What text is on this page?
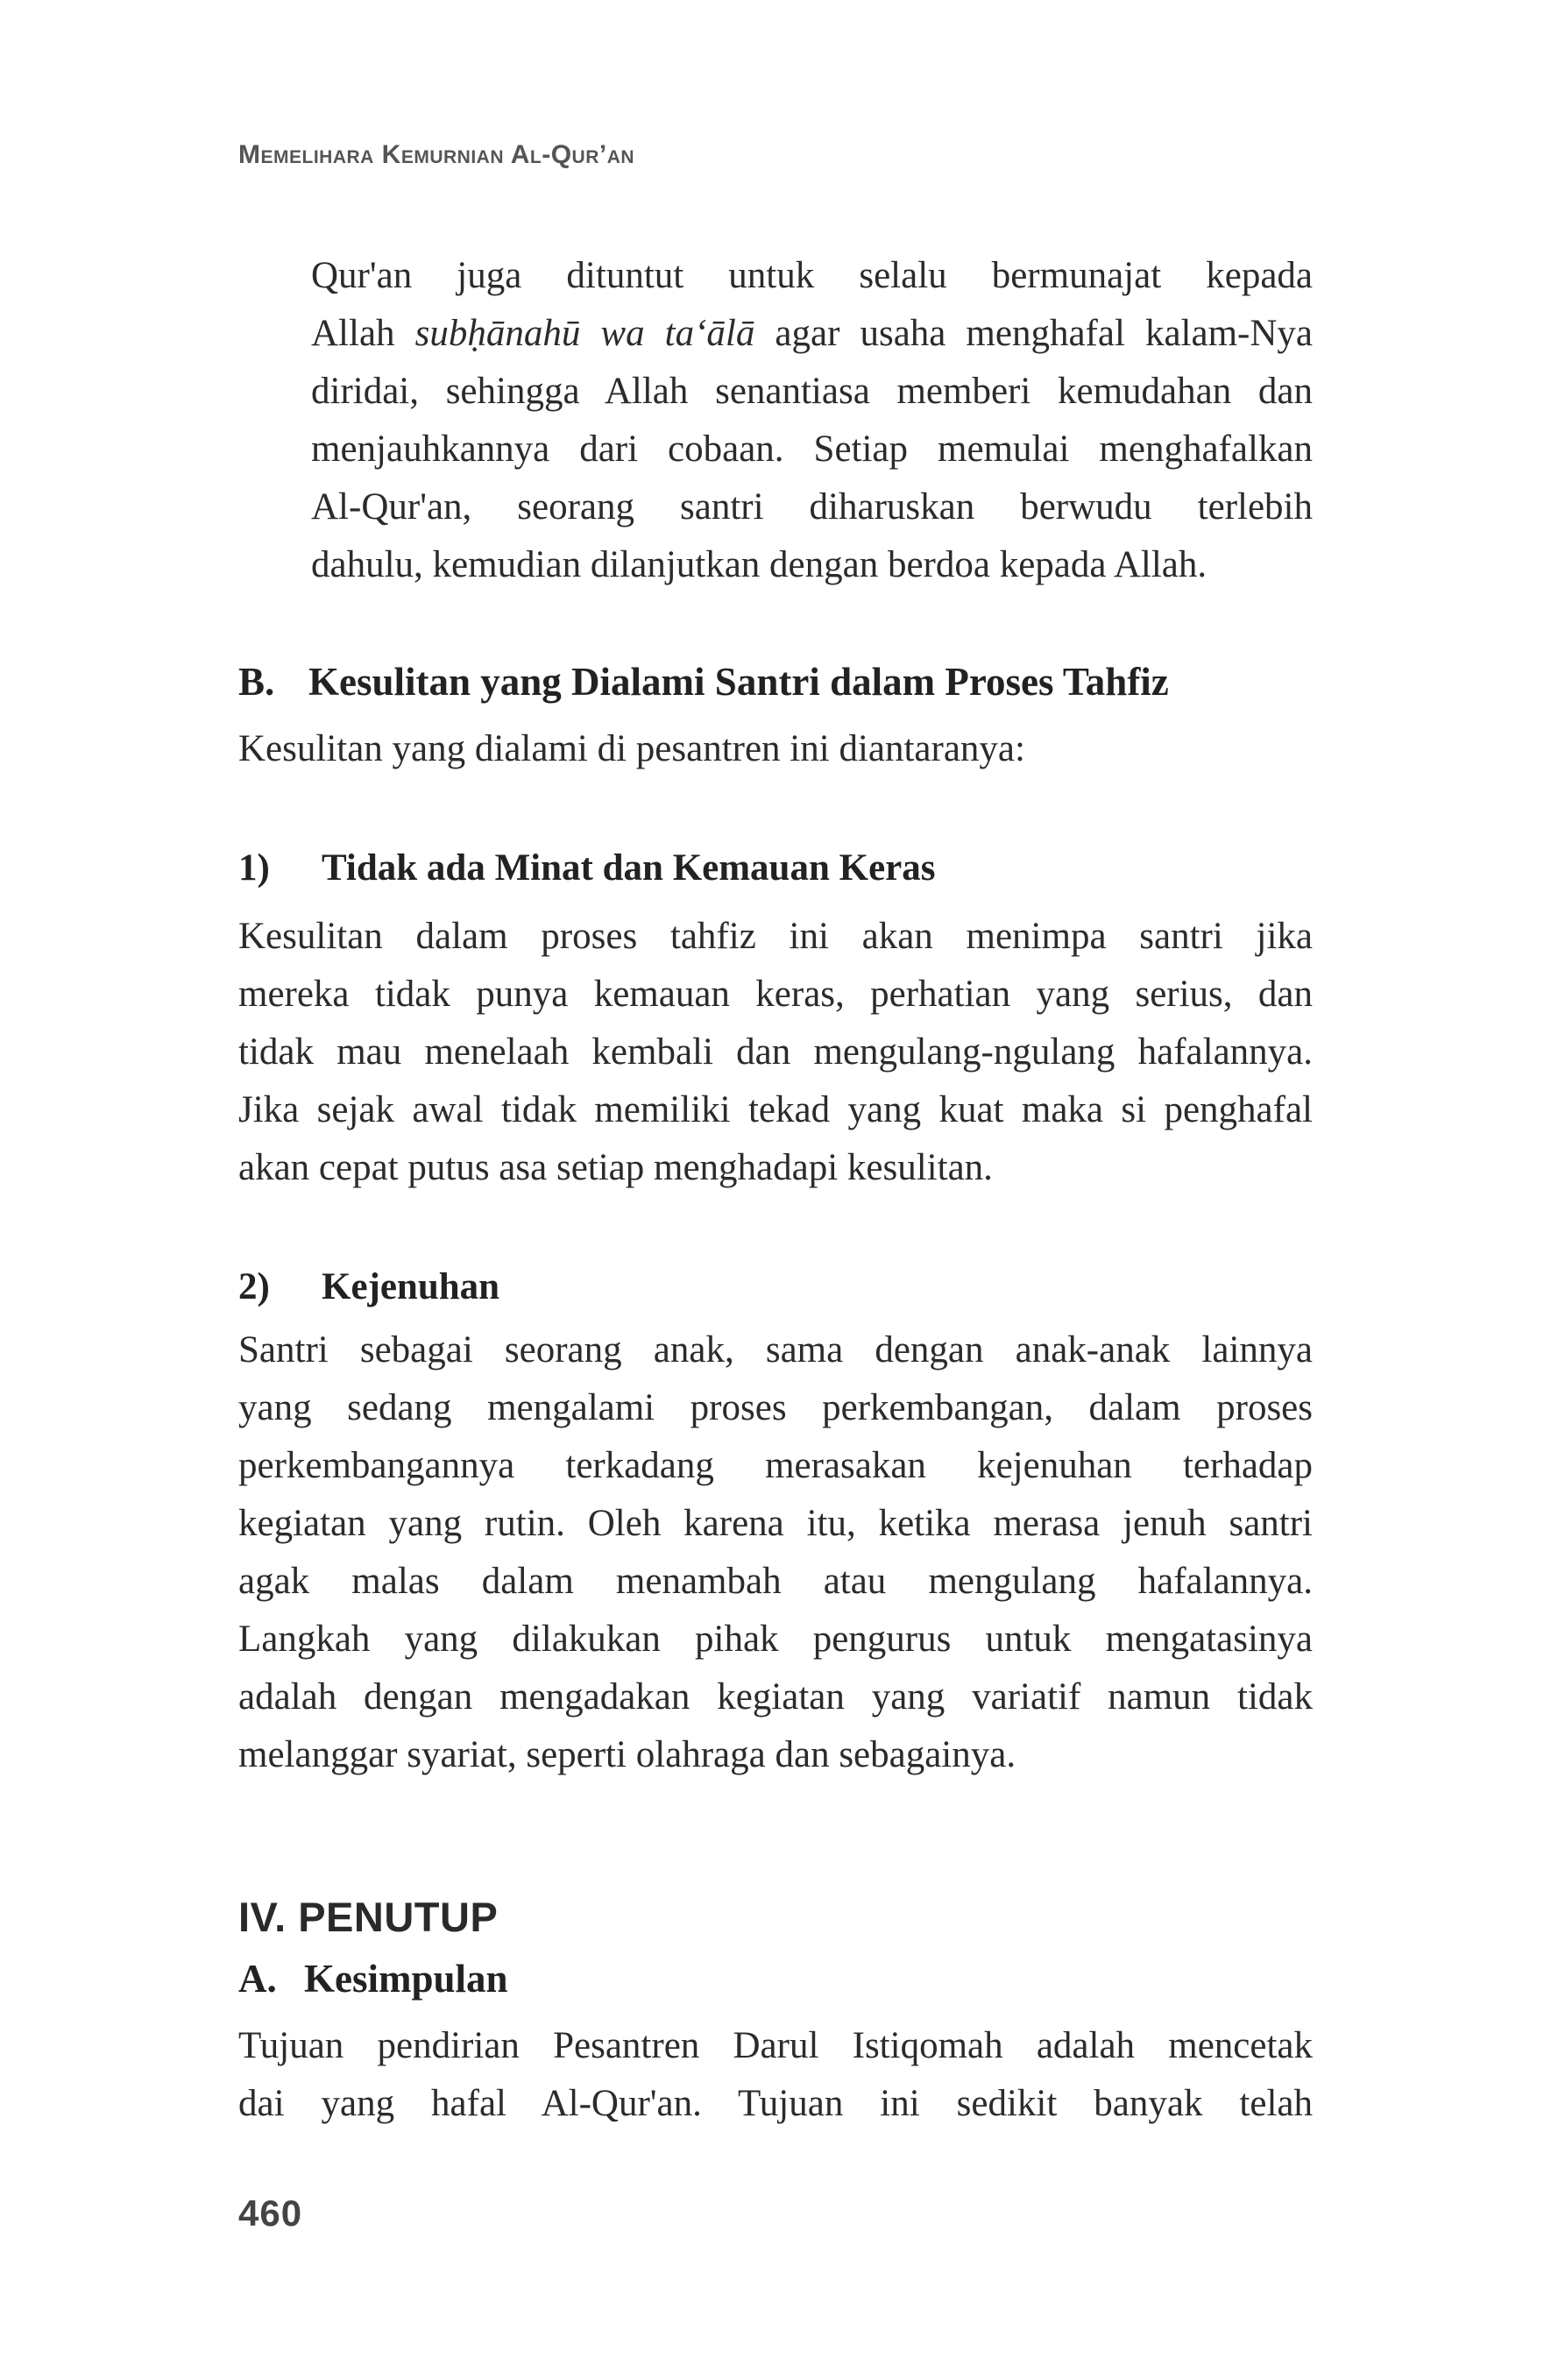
Memelihara Kemurnian Al-Qur’an
Qur'an juga dituntut untuk selalu bermunajat kepada
Allah subḥānahū wa ta‘ālā agar usaha menghafal kalam-Nya
diridai, sehingga Allah senantiasa memberi kemudahan dan
menjauhkannya dari cobaan. Setiap memulai menghafalkan
Al-Qur'an, seorang santri diharuskan berwudu terlebih
dahulu, kemudian dilanjutkan dengan berdoa kepada Allah.
B. Kesulitan yang Dialami Santri dalam Proses Tahfiz
Kesulitan yang dialami di pesantren ini diantaranya:
1) Tidak ada Minat dan Kemauan Keras
Kesulitan dalam proses tahfiz ini akan menimpa santri jika
mereka tidak punya kemauan keras, perhatian yang serius, dan
tidak mau menelaah kembali dan mengulang-ngulang hafalannya.
Jika sejak awal tidak memiliki tekad yang kuat maka si penghafal
akan cepat putus asa setiap menghadapi kesulitan.
2) Kejenuhan
Santri sebagai seorang anak, sama dengan anak-anak lainnya
yang sedang mengalami proses perkembangan, dalam proses
perkembangannya terkadang merasakan kejenuhan terhadap
kegiatan yang rutin. Oleh karena itu, ketika merasa jenuh santri
agak malas dalam menambah atau mengulang hafalannya.
Langkah yang dilakukan pihak pengurus untuk mengatasinya
adalah dengan mengadakan kegiatan yang variatif namun tidak
melanggar syariat, seperti olahraga dan sebagainya.
IV. PENUTUP
A. Kesimpulan
Tujuan pendirian Pesantren Darul Istiqomah adalah mencetak
dai yang hafal Al-Qur'an. Tujuan ini sedikit banyak telah
460
